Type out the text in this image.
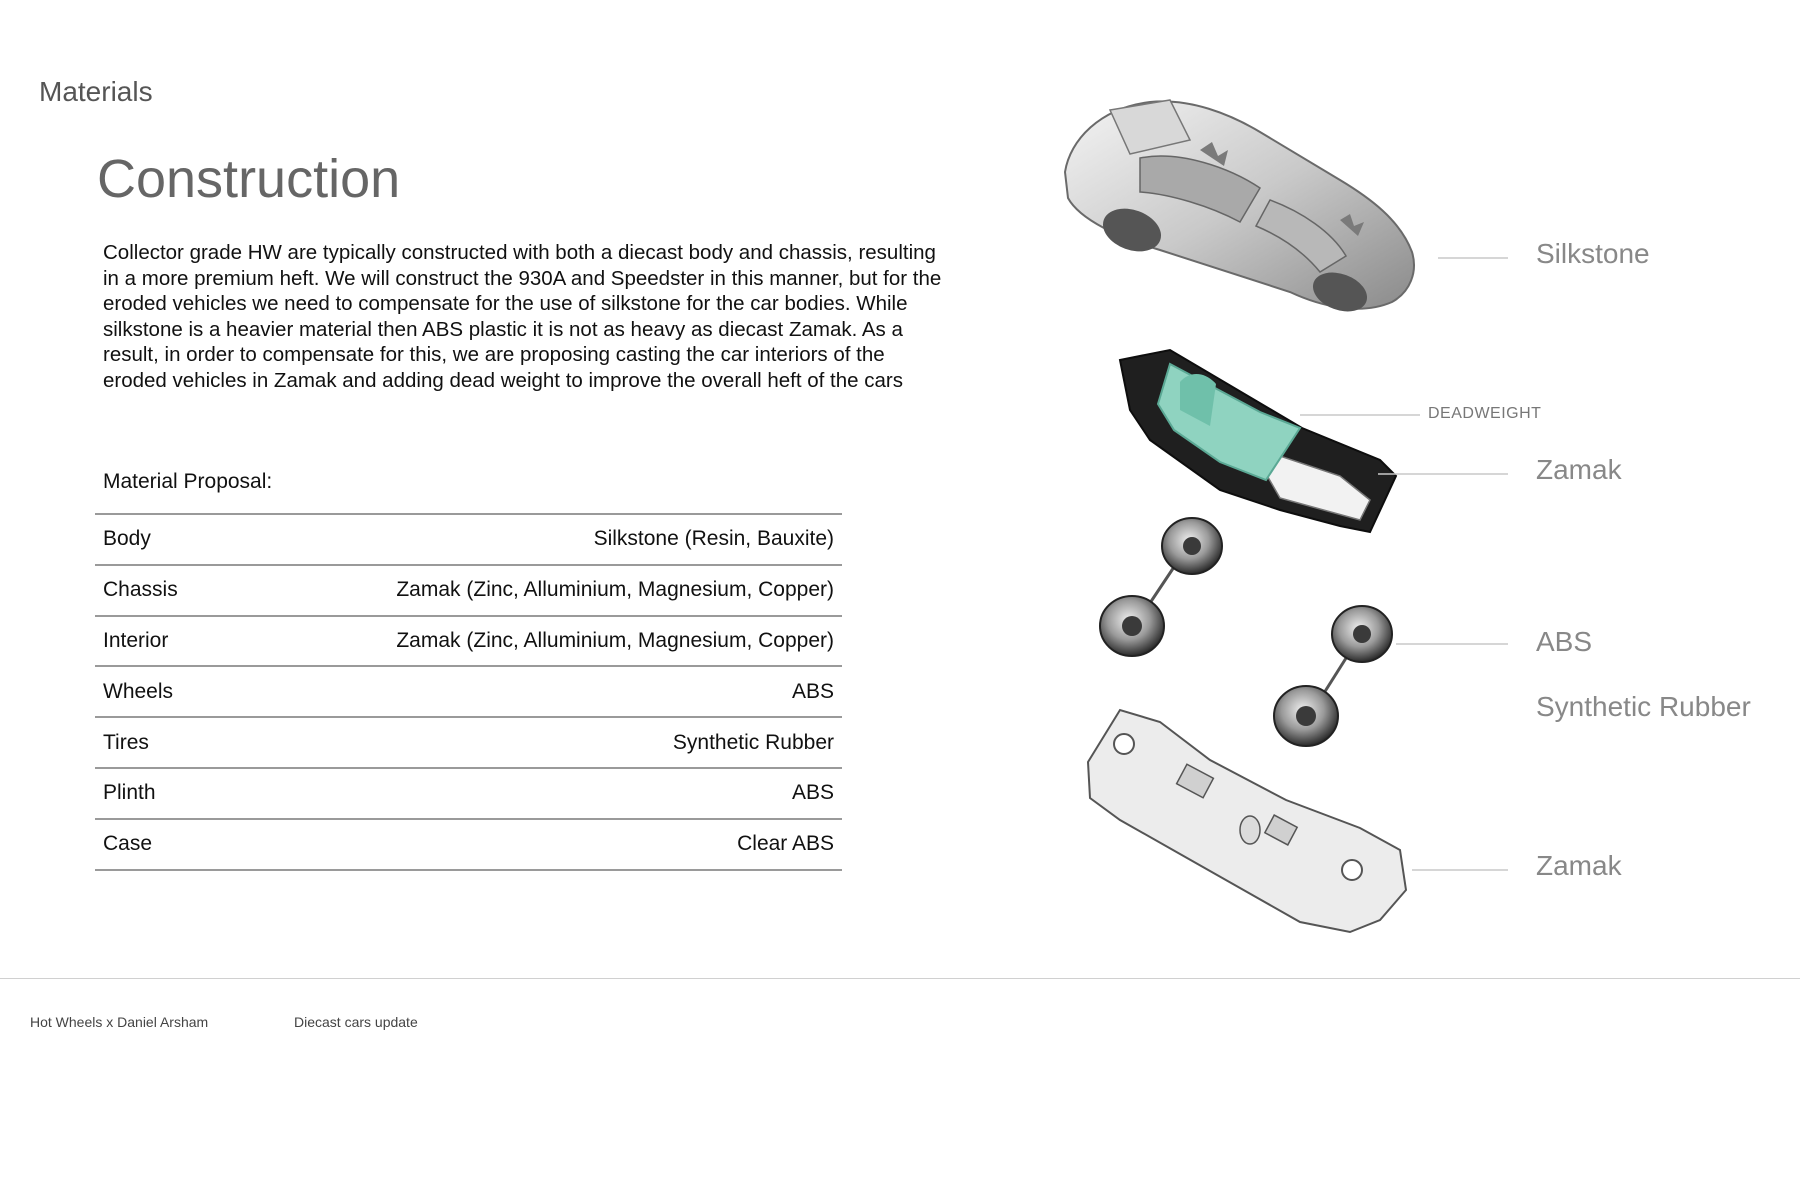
Materials
Construction

Collector grade HW are typically constructed with both a diecast body and chassis, resulting in a more premium heft. We will construct the 930A and Speedster in this manner, but for the eroded vehicles we need to compensate for the use of silkstone for the car bodies. While silkstone is a heavier material then ABS plastic it is not as heavy as diecast Zamak. As a result, in order to compensate for this, we are proposing casting the car interiors of the eroded vehicles in Zamak and adding dead weight to improve the overall heft of the cars

Material Proposal:
Body	Silkstone (Resin, Bauxite)
Chassis	Zamak (Zinc, Alluminium, Magnesium, Copper)
Interior	Zamak (Zinc, Alluminium, Magnesium, Copper)
Wheels	ABS
Tires	Synthetic Rubber
Plinth	ABS
Case	Clear ABS
Silkstone
DEADWEIGHT
Zamak
ABS
Synthetic Rubber
Zamak
Hot Wheels x Daniel Arsham	Diecast cars update
